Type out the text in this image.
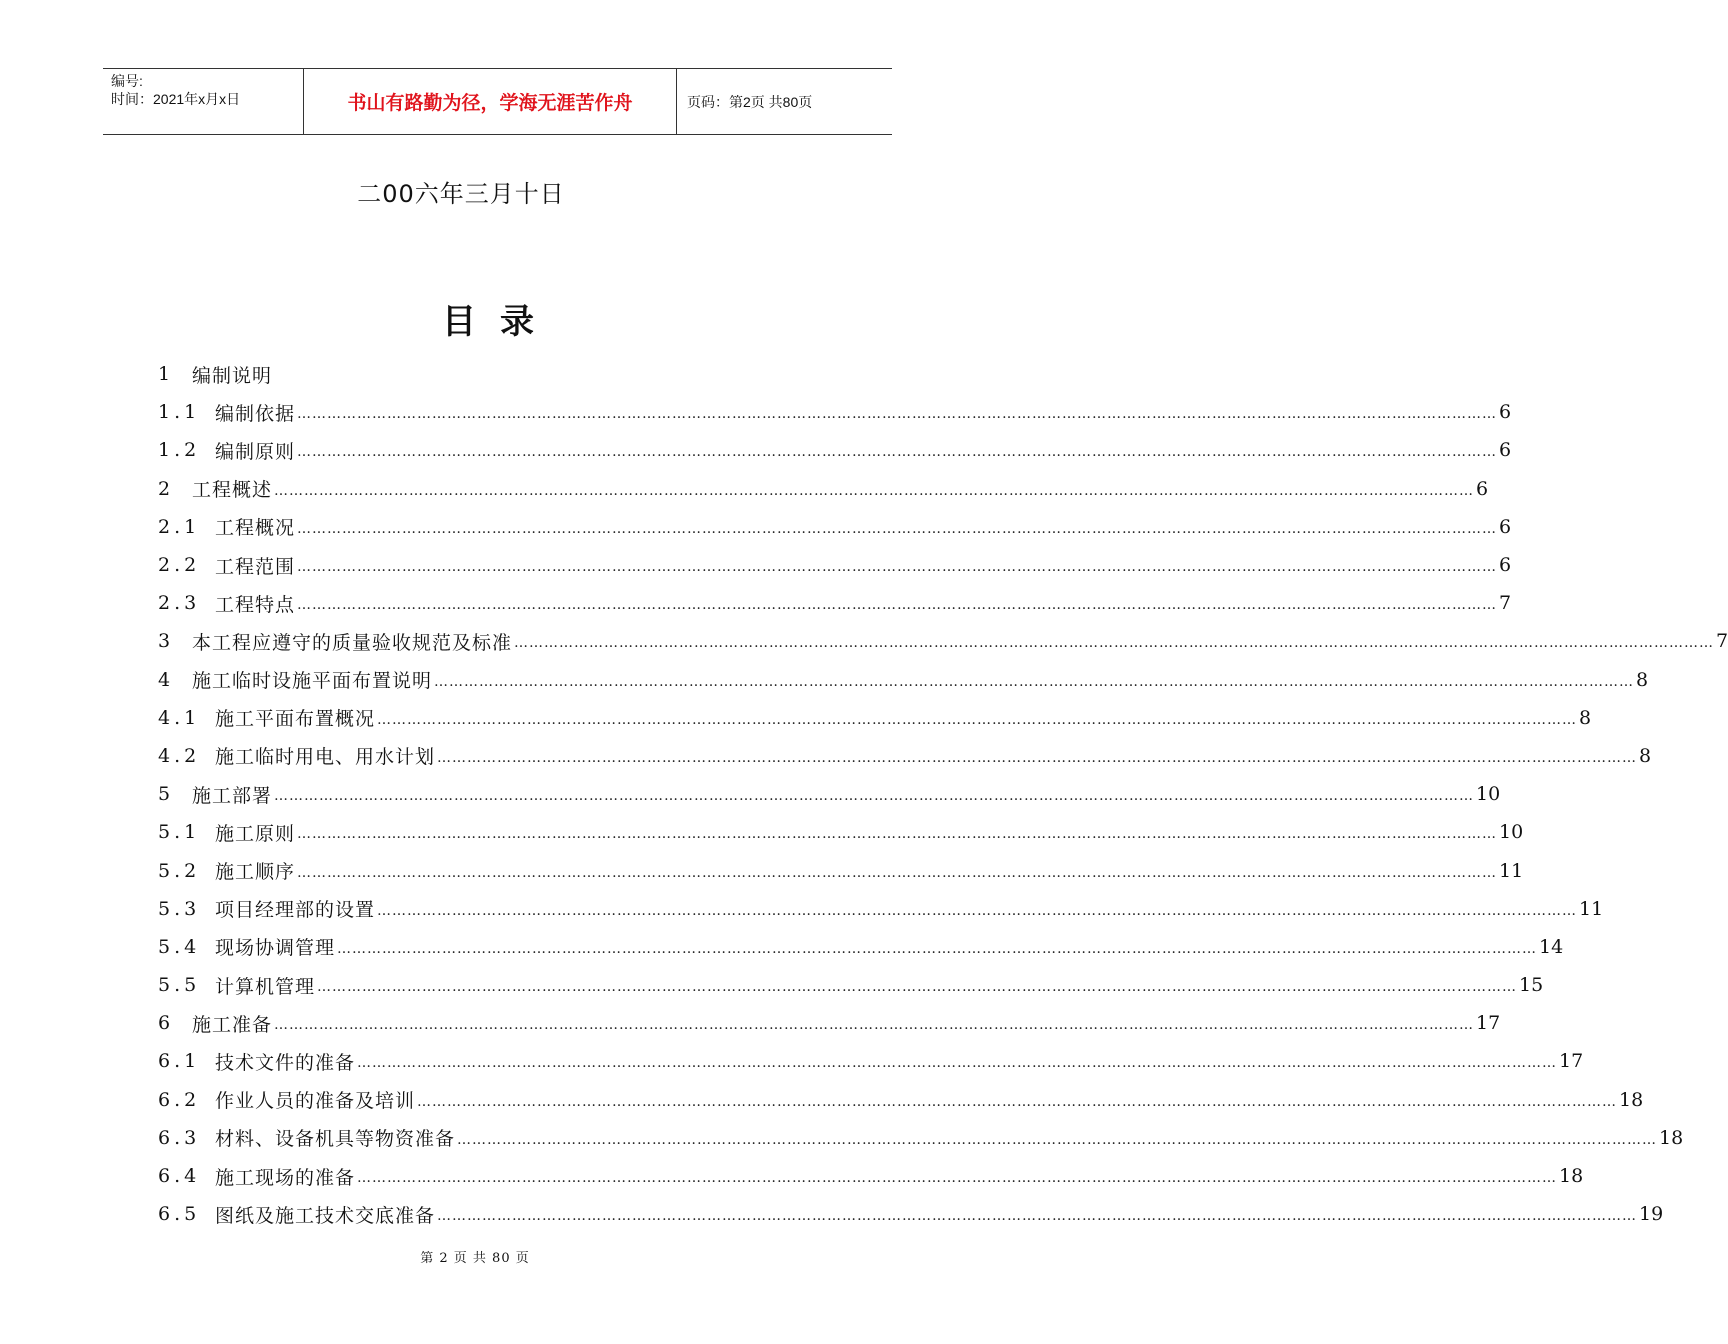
编号:
时间：2021年x月x日	书山有路勤为径，学海无涯苦作舟	页码：第2页 共80页
二00六年三月十日
目录
1 编制说明
1.1 编制依据 …………………………………………………………………………………………………………………………………………………………………………………………………………………… 6
1.2 编制原则 …………………………………………………………………………………………………………………………………………………………………………………………………………………… 6
2 工程概述 …………………………………………………………………………………………………………………………………………………………………………………………………………………… 6
2.1 工程概况 …………………………………………………………………………………………………………………………………………………………………………………………………………………… 6
2.2 工程范围 …………………………………………………………………………………………………………………………………………………………………………………………………………………… 6
2.3 工程特点 …………………………………………………………………………………………………………………………………………………………………………………………………………………… 7
3 本工程应遵守的质量验收规范及标准 …………………………………………………………………………………………………………………………………………………………………………………………………………………… 7
4 施工临时设施平面布置说明 …………………………………………………………………………………………………………………………………………………………………………………………………………………… 8
4.1 施工平面布置概况 …………………………………………………………………………………………………………………………………………………………………………………………………………………… 8
4.2 施工临时用电、用水计划 …………………………………………………………………………………………………………………………………………………………………………………………………………………… 8
5 施工部署 …………………………………………………………………………………………………………………………………………………………………………………………………………………… 10
5.1 施工原则 …………………………………………………………………………………………………………………………………………………………………………………………………………………… 10
5.2 施工顺序 …………………………………………………………………………………………………………………………………………………………………………………………………………………… 11
5.3 项目经理部的设置 …………………………………………………………………………………………………………………………………………………………………………………………………………………… 11
5.4 现场协调管理 …………………………………………………………………………………………………………………………………………………………………………………………………………………… 14
5.5 计算机管理 …………………………………………………………………………………………………………………………………………………………………………………………………………………… 15
6 施工准备 …………………………………………………………………………………………………………………………………………………………………………………………………………………… 17
6.1 技术文件的准备 …………………………………………………………………………………………………………………………………………………………………………………………………………………… 17
6.2 作业人员的准备及培训 …………………………………………………………………………………………………………………………………………………………………………………………………………………… 18
6.3 材料、设备机具等物资准备 …………………………………………………………………………………………………………………………………………………………………………………………………………………… 18
6.4 施工现场的准备 …………………………………………………………………………………………………………………………………………………………………………………………………………………… 18
6.5 图纸及施工技术交底准备 …………………………………………………………………………………………………………………………………………………………………………………………………………………… 19
第 2 页 共 80 页
